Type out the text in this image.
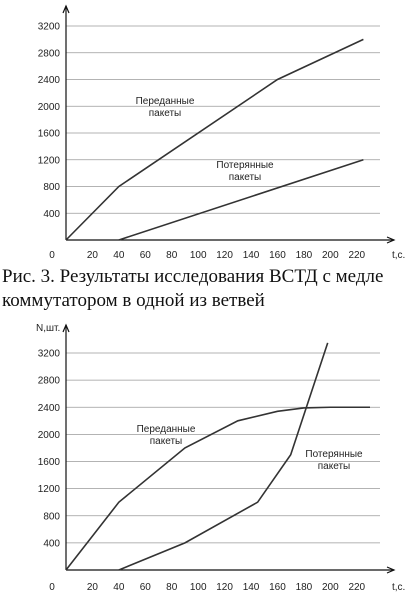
Рис. 3. Результаты исследования ВСТД с медле
коммутатором в одной из ветвей
400
800
1200
1600
2000
2400
2800
3200
0	20 40 60 80 100 120 140 160 180 200 220	t,c.
Переданные
пакеты
Потерянные
пакеты
400
800
1200
1600
2000
2400
2800
3200
0	20 40 60 80 100 120 140 160 180 200 220	t,c.
N,шт.
Переданные
пакеты
Потерянные
пакеты
